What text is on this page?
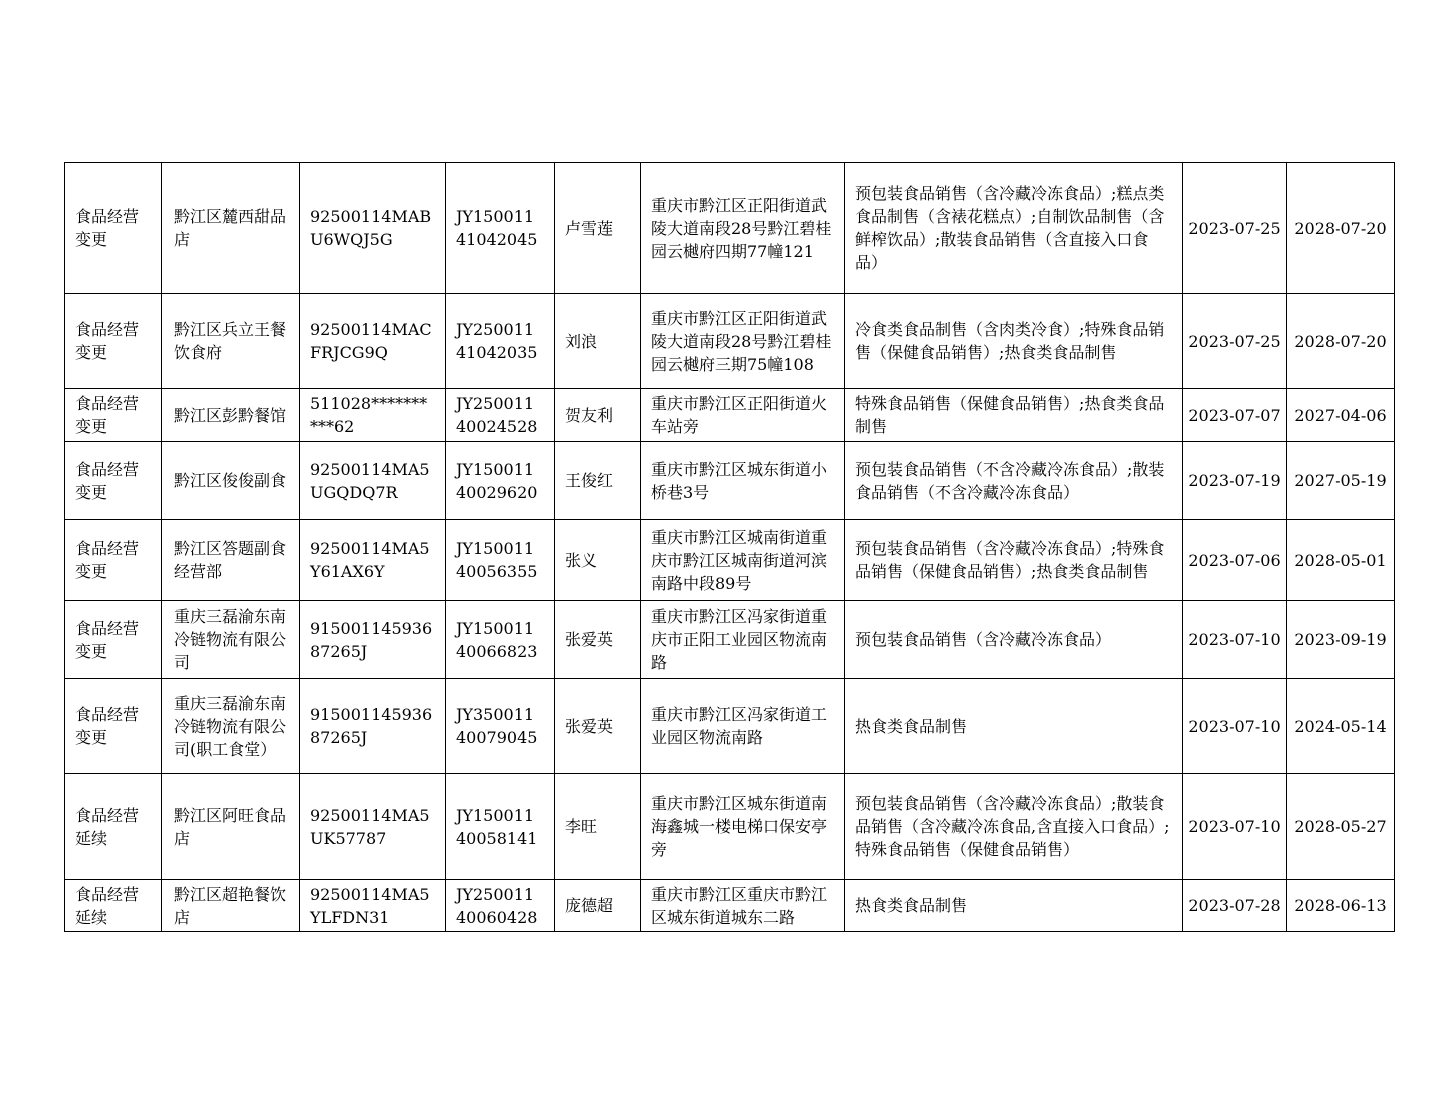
食品经营变更	黔江区麓西甜品店	92500114MABU6WQJ5G	JY15001141042045	卢雪莲	重庆市黔江区正阳街道武陵大道南段28号黔江碧桂园云樾府四期77幢121	预包装食品销售（含冷藏冷冻食品）;糕点类食品制售（含裱花糕点）;自制饮品制售（含鲜榨饮品）;散装食品销售（含直接入口食品）	2023-07-25	2028-07-20
食品经营变更	黔江区兵立王餐饮食府	92500114MACFRJCG9Q	JY25001141042035	刘浪	重庆市黔江区正阳街道武陵大道南段28号黔江碧桂园云樾府三期75幢108	冷食类食品制售（含肉类冷食）;特殊食品销售（保健食品销售）;热食类食品制售	2023-07-25	2028-07-20
食品经营变更	黔江区彭黔餐馆	511028**********62	JY25001140024528	贺友利	重庆市黔江区正阳街道火车站旁	特殊食品销售（保健食品销售）;热食类食品制售	2023-07-07	2027-04-06
食品经营变更	黔江区俊俊副食	92500114MA5UGQDQ7R	JY15001140029620	王俊红	重庆市黔江区城东街道小桥巷3号	预包装食品销售（不含冷藏冷冻食品）;散装食品销售（不含冷藏冷冻食品）	2023-07-19	2027-05-19
食品经营变更	黔江区答题副食经营部	92500114MA5Y61AX6Y	JY15001140056355	张义	重庆市黔江区城南街道重庆市黔江区城南街道河滨南路中段89号	预包装食品销售（含冷藏冷冻食品）;特殊食品销售（保健食品销售）;热食类食品制售	2023-07-06	2028-05-01
食品经营变更	重庆三磊渝东南冷链物流有限公司	91500114593687265J	JY15001140066823	张爱英	重庆市黔江区冯家街道重庆市正阳工业园区物流南路	预包装食品销售（含冷藏冷冻食品）	2023-07-10	2023-09-19
食品经营变更	重庆三磊渝东南冷链物流有限公司(职工食堂）	91500114593687265J	JY35001140079045	张爱英	重庆市黔江区冯家街道工业园区物流南路	热食类食品制售	2023-07-10	2024-05-14
食品经营延续	黔江区阿旺食品店	92500114MA5UK57787	JY15001140058141	李旺	重庆市黔江区城东街道南海鑫城一楼电梯口保安亭旁	预包装食品销售（含冷藏冷冻食品）;散装食品销售（含冷藏冷冻食品,含直接入口食品）;特殊食品销售（保健食品销售）	2023-07-10	2028-05-27
食品经营延续	黔江区超艳餐饮店	92500114MA5YLFDN31	JY25001140060428	庞德超	重庆市黔江区重庆市黔江区城东街道城东二路	热食类食品制售	2023-07-28	2028-06-13
